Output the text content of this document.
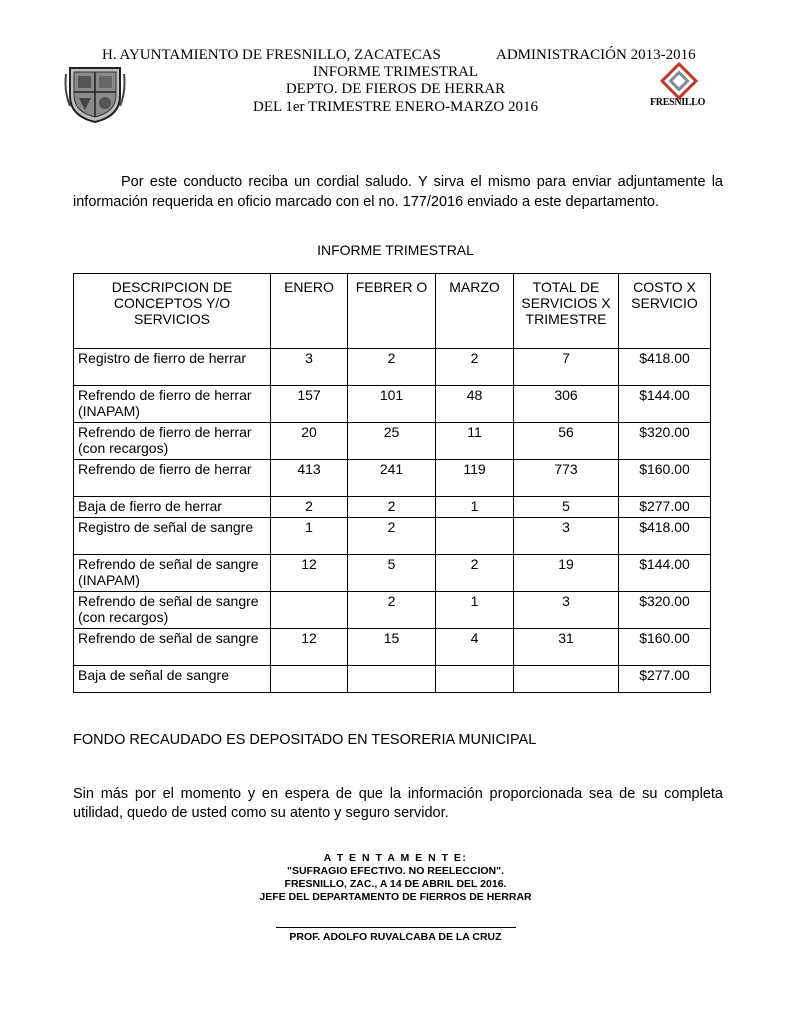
H. AYUNTAMIENTO DE FRESNILLO, ZACATECAS	ADMINISTRACIÓN 2013-2016
INFORME TRIMESTRAL
DEPTO. DE FIEROS DE HERRAR
DEL 1er TRIMESTRE ENERO-MARZO 2016	FRESNILLO
Por este conducto reciba un cordial saludo. Y sirva el mismo para enviar adjuntamente la información requerida en oficio marcado con el no. 177/2016 enviado a este departamento.
INFORME TRIMESTRAL
DESCRIPCION DE CONCEPTOS Y/O SERVICIOS	ENERO	FEBRER O	MARZO	TOTAL DE SERVICIOS X TRIMESTRE	COSTO X SERVICIO
Registro de fierro de herrar	3	2	2	7	$418.00
Refrendo de fierro de herrar (INAPAM)	157	101	48	306	$144.00
Refrendo de fierro de herrar (con recargos)	20	25	11	56	$320.00
Refrendo de fierro de herrar	413	241	119	773	$160.00
Baja de fierro de herrar	2	2	1	5	$277.00
Registro de señal de sangre	1	2		3	$418.00
Refrendo de señal de sangre (INAPAM)	12	5	2	19	$144.00
Refrendo de señal de sangre (con recargos)		2	1	3	$320.00
Refrendo de señal de sangre	12	15	4	31	$160.00
Baja de señal de sangre					$277.00
FONDO RECAUDADO ES DEPOSITADO EN TESORERIA MUNICIPAL
Sin más por el momento y en espera de que la información proporcionada sea de su completa utilidad, quedo de usted como su atento y seguro servidor.
A T E N T A M E N T E:
"SUFRAGIO EFECTIVO. NO REELECCION".
FRESNILLO, ZAC., A 14 DE ABRIL DEL 2016.
JEFE DEL DEPARTAMENTO DE FIERROS DE HERRAR
PROF. ADOLFO RUVALCABA DE LA CRUZ
